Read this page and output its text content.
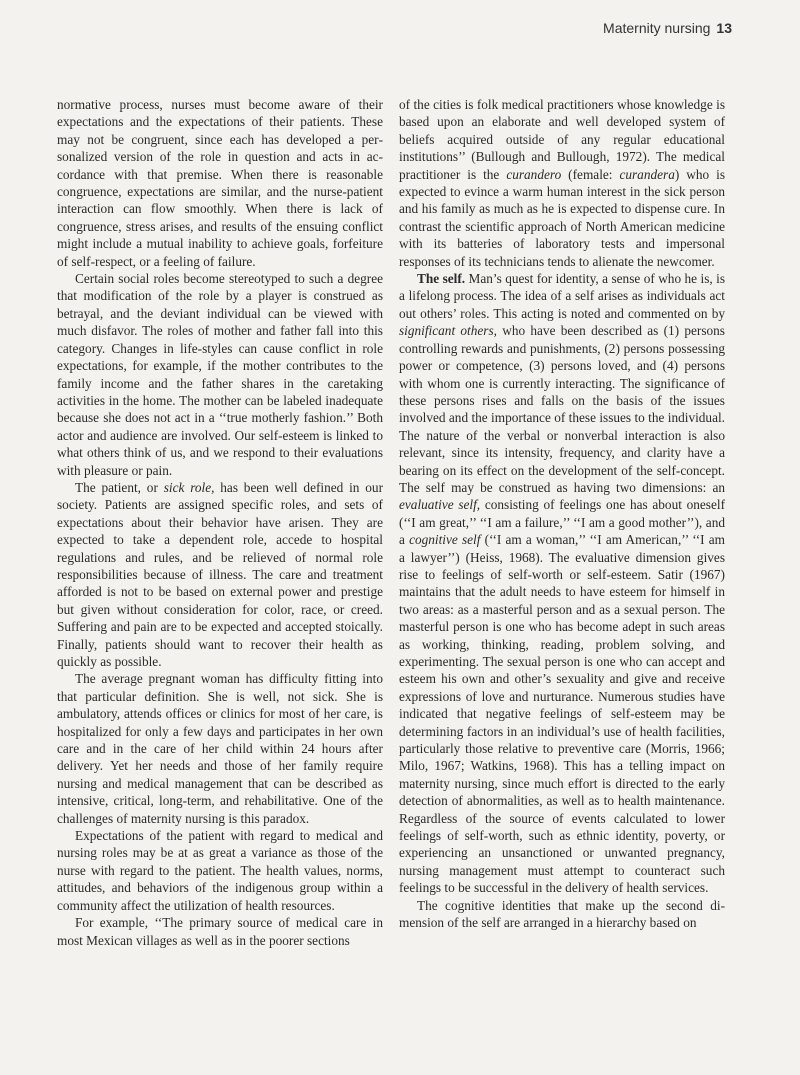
Maternity nursing 13

normative process, nurses must become aware of their expectations and the expectations of their patients. These may not be congruent, since each has developed a personalized version of the role in question and acts in accordance with that premise. When there is reasonable congruence, expectations are similar, and the nurse-patient interaction can flow smoothly. When there is lack of congruence, stress arises, and results of the ensuing conflict might include a mutual inability to achieve goals, forfeiture of self-respect, or a feeling of failure.

Certain social roles become stereotyped to such a degree that modification of the role by a player is construed as betrayal, and the deviant individual can be viewed with much disfavor. The roles of mother and father fall into this category. Changes in life-styles can cause conflict in role expectations, for example, if the mother contributes to the family income and the father shares in the caretaking activities in the home. The mother can be labeled inadequate because she does not act in a ‘‘true motherly fashion.’’ Both actor and audience are involved. Our self-esteem is linked to what others think of us, and we respond to their evaluations with pleasure or pain.

The patient, or sick role, has been well defined in our society. Patients are assigned specific roles, and sets of expectations about their behavior have arisen. They are expected to take a dependent role, accede to hospital regulations and rules, and be relieved of normal role responsibilities because of illness. The care and treatment afforded is not to be based on external power and prestige but given without consideration for color, race, or creed. Suffering and pain are to be expected and accepted stoically. Finally, patients should want to recover their health as quickly as possible.

The average pregnant woman has difficulty fitting into that particular definition. She is well, not sick. She is ambulatory, attends offices or clinics for most of her care, is hospitalized for only a few days and participates in her own care and in the care of her child within 24 hours after delivery. Yet her needs and those of her family require nursing and medical management that can be described as intensive, critical, long-term, and rehabilitative. One of the challenges of maternity nursing is this paradox.

Expectations of the patient with regard to medical and nursing roles may be at as great a variance as those of the nurse with regard to the patient. The health values, norms, attitudes, and behaviors of the indigenous group within a community affect the utilization of health resources.

For example, ‘‘The primary source of medical care in most Mexican villages as well as in the poorer sections

of the cities is folk medical practitioners whose knowledge is based upon an elaborate and well developed system of beliefs acquired outside of any regular educational institutions’’ (Bullough and Bullough, 1972). The medical practitioner is the curandero (female: curandera) who is expected to evince a warm human interest in the sick person and his family as much as he is expected to dispense cure. In contrast the scientific approach of North American medicine with its batteries of laboratory tests and impersonal responses of its technicians tends to alienate the newcomer.

The self. Man’s quest for identity, a sense of who he is, is a lifelong process. The idea of a self arises as individuals act out others’ roles. This acting is noted and commented on by significant others, who have been described as (1) persons controlling rewards and punishments, (2) persons possessing power or competence, (3) persons loved, and (4) persons with whom one is currently interacting. The significance of these persons rises and falls on the basis of the issues involved and the importance of these issues to the individual. The nature of the verbal or nonverbal interaction is also relevant, since its intensity, frequency, and clarity have a bearing on its effect on the development of the self-concept. The self may be construed as having two dimensions: an evaluative self, consisting of feelings one has about oneself (‘‘I am great,’’ ‘‘I am a failure,’’ ‘‘I am a good mother’’), and a cognitive self (‘‘I am a woman,’’ ‘‘I am American,’’ ‘‘I am a lawyer’’) (Heiss, 1968). The evaluative dimension gives rise to feelings of self-worth or self-esteem. Satir (1967) maintains that the adult needs to have esteem for himself in two areas: as a masterful person and as a sexual person. The masterful person is one who has become adept in such areas as working, thinking, reading, problem solving, and experimenting. The sexual person is one who can accept and esteem his own and other’s sexuality and give and receive expressions of love and nurturance. Numerous studies have indicated that negative feelings of self-esteem may be determining factors in an individual’s use of health facilities, particularly those relative to preventive care (Morris, 1966; Milo, 1967; Watkins, 1968). This has a telling impact on maternity nursing, since much effort is directed to the early detection of abnormalities, as well as to health maintenance. Regardless of the source of events calculated to lower feelings of self-worth, such as ethnic identity, poverty, or experiencing an unsanctioned or unwanted pregnancy, nursing management must attempt to counteract such feelings to be successful in the delivery of health services.

The cognitive identities that make up the second dimension of the self are arranged in a hierarchy based on
